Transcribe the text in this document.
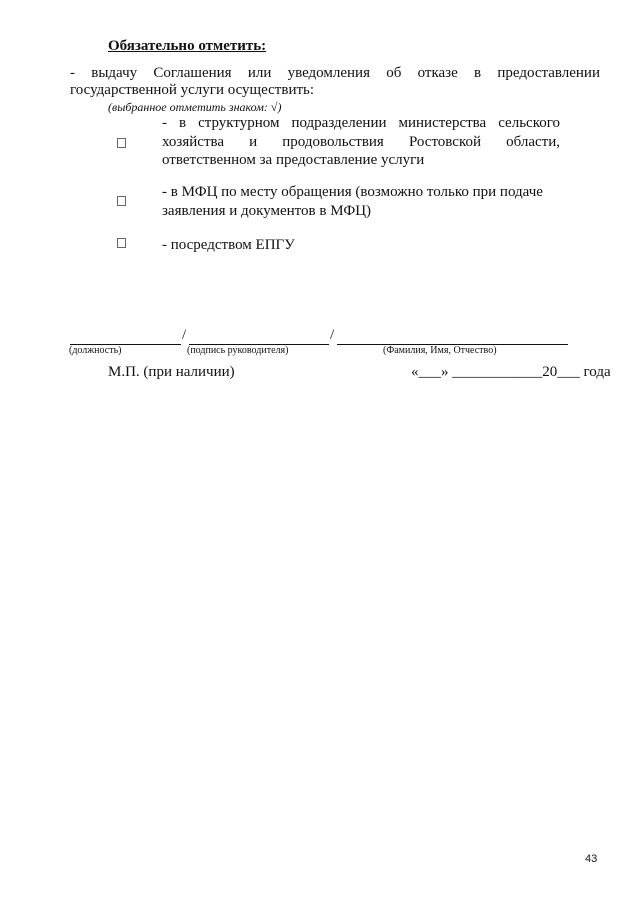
Обязательно отметить:
- выдачу Соглашения или уведомления об отказе в предоставлении
государственной услуги осуществить:
(выбранное отметить знаком: √)
- в структурном подразделении министерства сельского
хозяйства и продовольствия Ростовской области,
ответственном за предоставление услуги
- в МФЦ по месту обращения (возможно только при подаче
заявления и документов в МФЦ)
- посредством ЕПГУ
/	/
(должность)	(подпись руководителя)	(Фамилия, Имя, Отчество)
М.П. (при наличии)	«___» ____________20___ года
43
